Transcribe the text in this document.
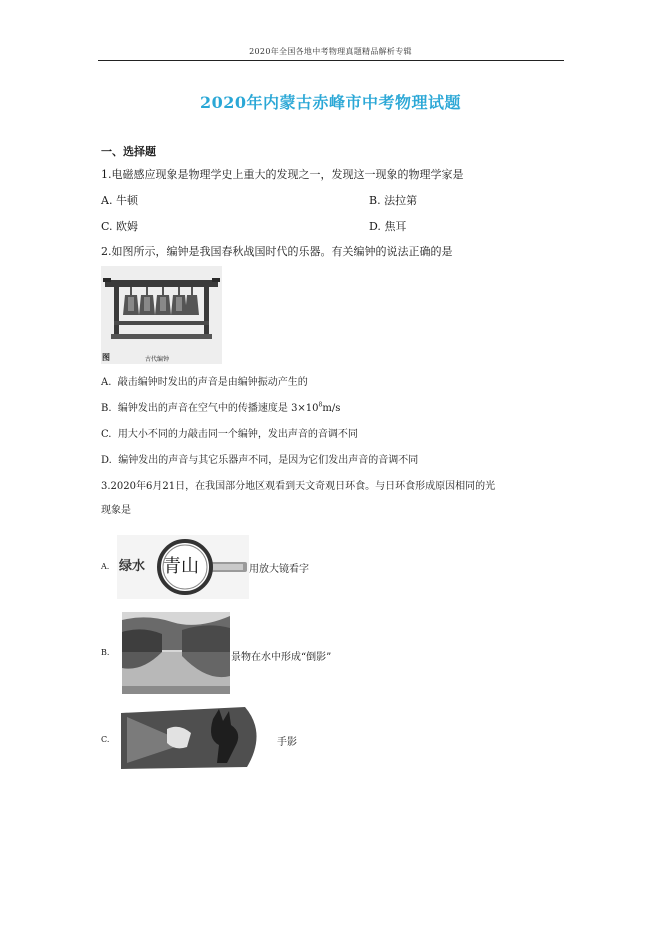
2020年全国各地中考物理真题精品解析专辑
2020年内蒙古赤峰市中考物理试题
一、选择题
1.电磁感应现象是物理学史上重大的发现之一，发现这一现象的物理学家是
A. 牛顿	B. 法拉第
C. 欧姆	D. 焦耳
2.如图所示，编钟是我国春秋战国时代的乐器。有关编钟的说法正确的是
图	古代编钟
A. 敲击编钟时发出的声音是由编钟振动产生的
B. 编钟发出的声音在空气中的传播速度是 $3\times 10^8m/s$
C. 用大小不同的力敲击同一个编钟，发出声音的音调不同
D. 编钟发出的声音与其它乐器声不同，是因为它们发出声音的音调不同
3.2020年6月21日，在我国部分地区观看到天文奇观日环食。与日环食形成原因相同的光
现象是
A. 绿水 青山	用放大镜看字
B.	景物在水中形成“倒影”
C.	手影
